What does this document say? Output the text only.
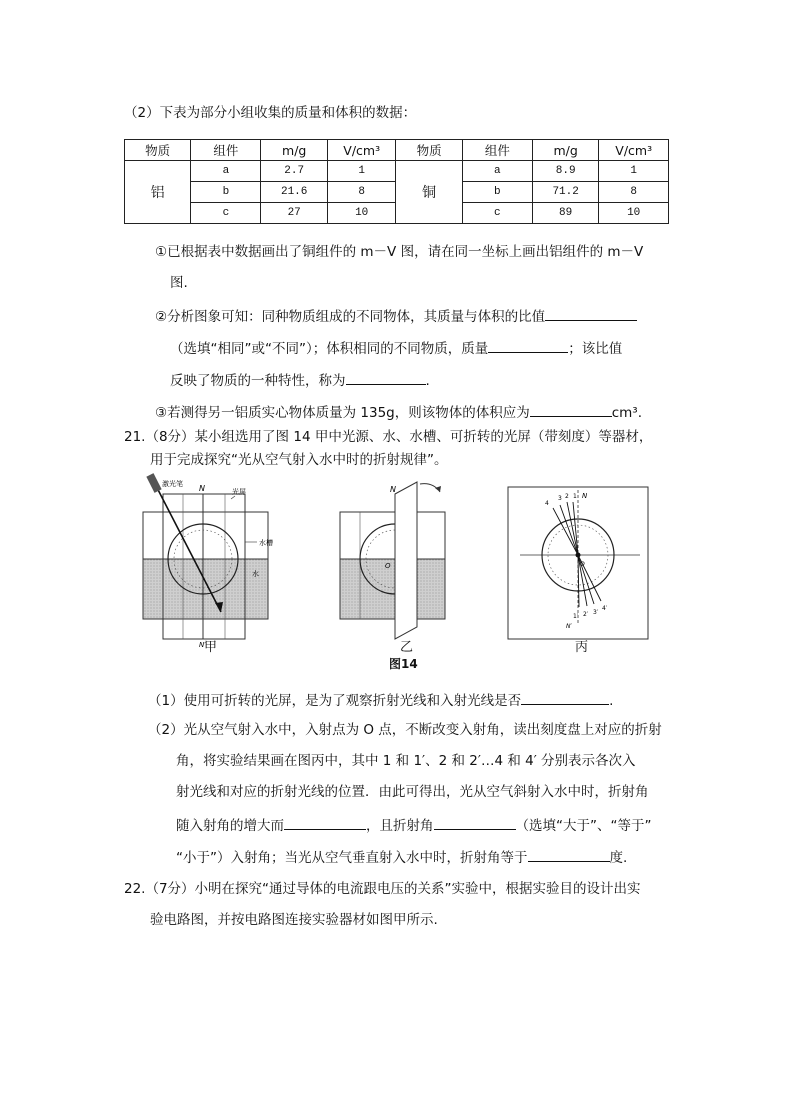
（2）下表为部分小组收集的质量和体积的数据：
物质	组件	m/g	V/cm³	物质	组件	m/g	V/cm³
铝	a	2.7	1	铜	a	8.9	1
	b	21.6	8		b	71.2	8
	c	27	10		c	89	10
①已根据表中数据画出了铜组件的 m－V 图，请在同一坐标上画出铝组件的 m－V
图.
②分析图象可知：同种物质组成的不同物体，其质量与体积的比值
（选填“相同”或“不同”）；体积相同的不同物质，质量	；该比值
反映了物质的一种特性，称为	.
③若测得另一铝质实心物体质量为 135g，则该物体的体积应为	cm³.
21.（8分）某小组选用了图 14 甲中光源、水、水槽、可折转的光屏（带刻度）等器材，
用于完成探究“光从空气射入水中时的折射规律”。
激光笔 N	光屏
水槽
水
N′
N
O
4
3 2 1 N
O
1′ 2′ 3′
4′
N′
甲	乙	丙
图14
（1）使用可折转的光屏，是为了观察折射光线和入射光线是否	.
（2）光从空气射入水中，入射点为 O 点，不断改变入射角，读出刻度盘上对应的折射
角，将实验结果画在图丙中，其中 1 和 1′、2 和 2′…4 和 4′ 分别表示各次入
射光线和对应的折射光线的位置．由此可得出，光从空气斜射入水中时，折射角
随入射角的增大而	，且折射角	（选填“大于”、“等于”
“小于”）入射角；当光从空气垂直射入水中时，折射角等于	度.
22.（7分）小明在探究“通过导体的电流跟电压的关系”实验中，根据实验目的设计出实
验电路图，并按电路图连接实验器材如图甲所示.
